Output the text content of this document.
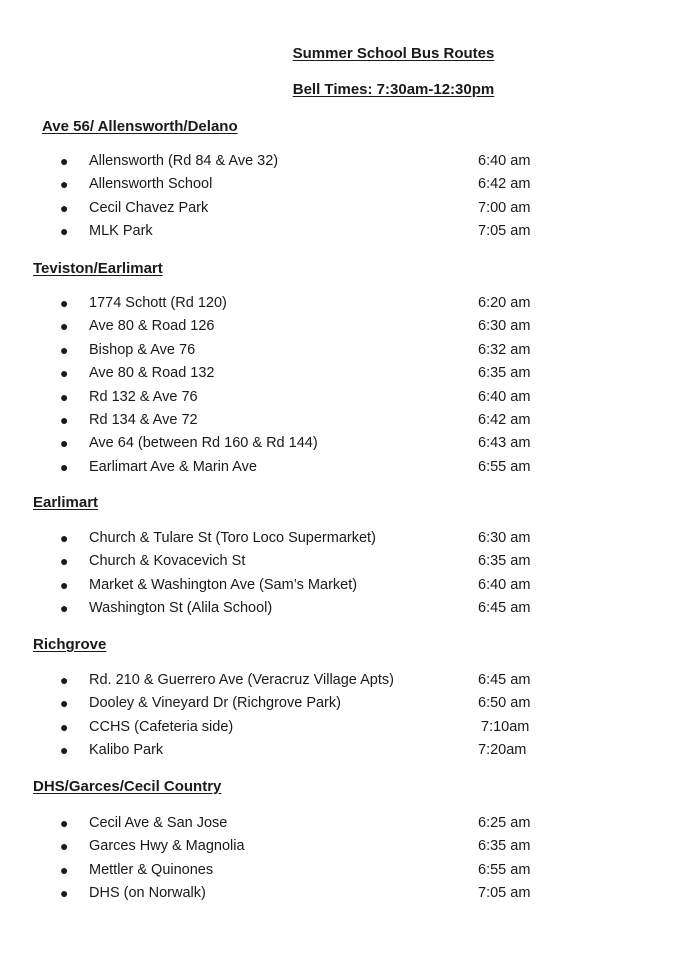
Summer School Bus Routes
Bell Times: 7:30am-12:30pm
Ave 56/ Allensworth/Delano
● Allensworth (Rd 84 & Ave 32)	6:40 am
● Allensworth School	6:42 am
● Cecil Chavez Park	7:00 am
● MLK Park	7:05 am
Teviston/Earlimart
● 1774 Schott (Rd 120)	6:20 am
● Ave 80 & Road 126	6:30 am
● Bishop & Ave 76	6:32 am
● Ave 80 & Road 132	6:35 am
● Rd 132 & Ave 76	6:40 am
● Rd 134 & Ave 72	6:42 am
● Ave 64 (between Rd 160 & Rd 144)	6:43 am
● Earlimart Ave & Marin Ave	6:55 am
Earlimart
● Church & Tulare St (Toro Loco Supermarket)	6:30 am
● Church & Kovacevich St	6:35 am
● Market & Washington Ave (Sam’s Market)	6:40 am
● Washington St (Alila School)	6:45 am
Richgrove
● Rd. 210 & Guerrero Ave (Veracruz Village Apts)	6:45 am
● Dooley & Vineyard Dr (Richgrove Park)	6:50 am
● CCHS (Cafeteria side)	7:10am
● Kalibo Park	7:20am
DHS/Garces/Cecil Country
● Cecil Ave & San Jose	6:25 am
● Garces Hwy & Magnolia	6:35 am
● Mettler & Quinones	6:55 am
● DHS (on Norwalk)	7:05 am
